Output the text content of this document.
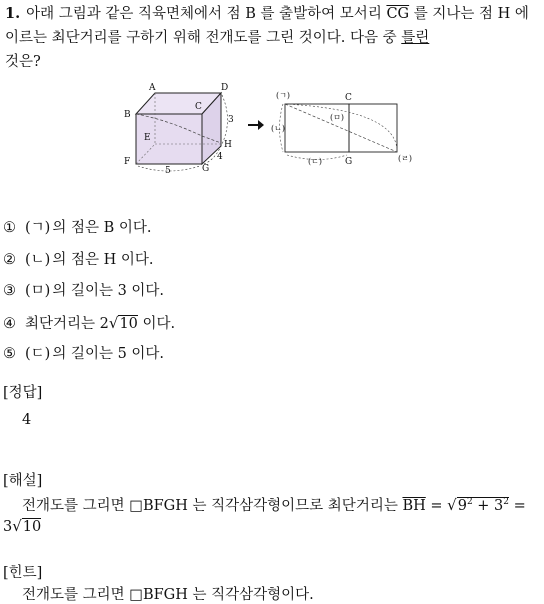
1. 아래 그림과 같은 직육면체에서 점 B 를 출발하여 모서리 $\overline{CG}$ 를 지나는 점 H 에 이르는 최단거리를 구하기 위해 전개도를 그린 것이다. 다음 중 틀린
것은?
A	D
B
C
E
F
G
H
3
4
5
(ㄱ)	C
(ㅁ)
(ㄴ)
(ㄷ)	G	(ㄹ)
① (ㄱ) 의 점은 B 이다.
② (ㄴ) 의 점은 H 이다.
③ (ㅁ) 의 길이는 3 이다.
④ 최단거리는 2√10 이다.
⑤ (ㄷ) 의 길이는 5 이다.
[정답]
4
[해설]
전개도를 그리면 □BFGH 는 직각삼각형이므로 최단거리는 $\overline{BH} = √9^2 + 3^2$ =
3√10
[힌트]
전개도를 그리면 □BFGH 는 직각삼각형이다.
